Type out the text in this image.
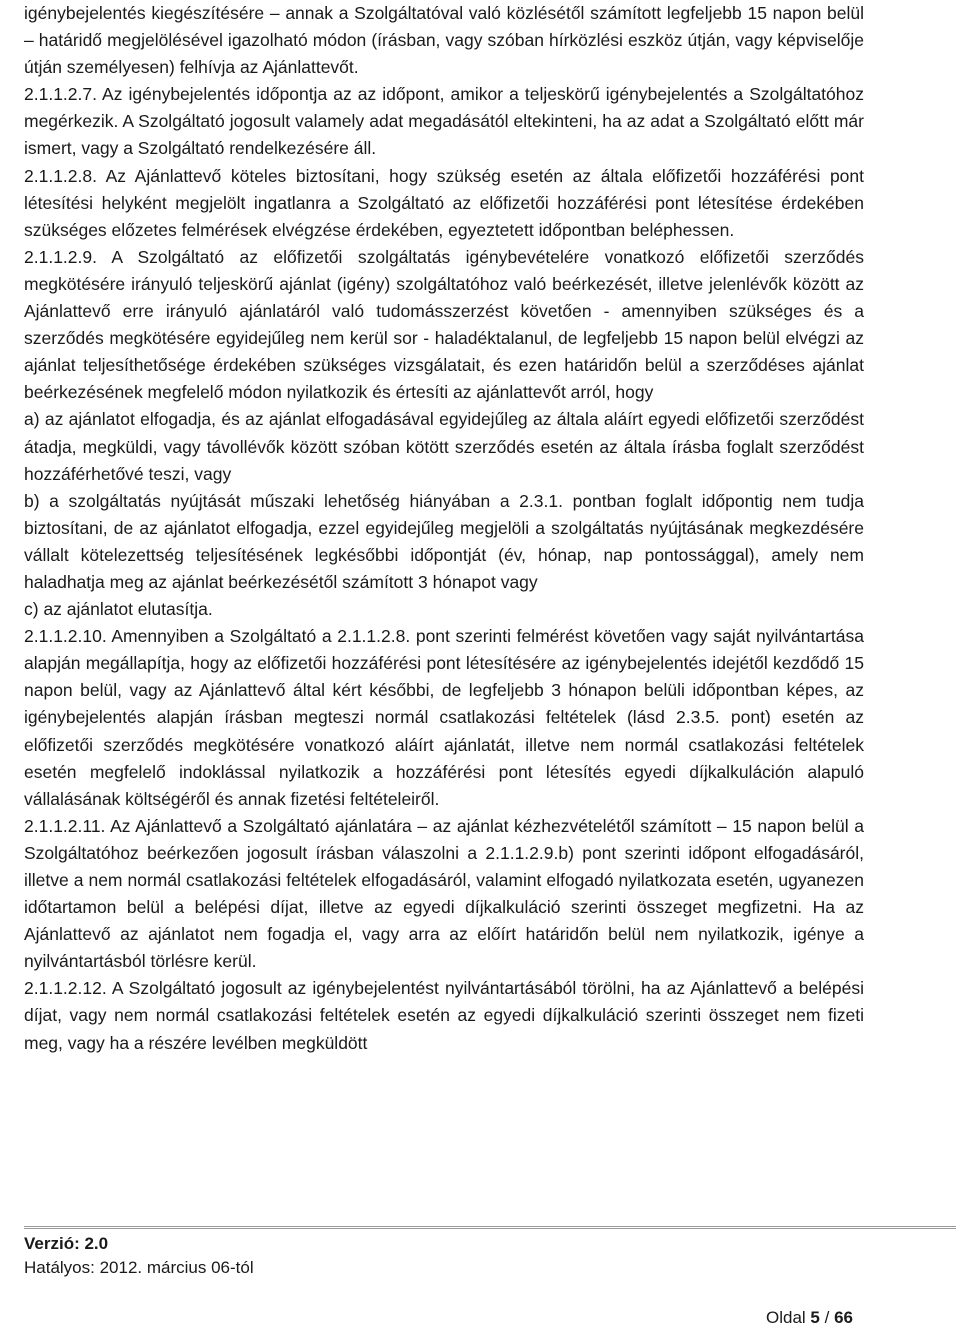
igénybejelentés kiegészítésére – annak a Szolgáltatóval való közlésétől számított legfeljebb 15 napon belül – határidő megjelölésével igazolható módon (írásban, vagy szóban hírközlési eszköz útján, vagy képviselője útján személyesen) felhívja az Ajánlattevőt.

2.1.1.2.7. Az igénybejelentés időpontja az az időpont, amikor a teljeskörű igénybejelentés a Szolgáltatóhoz megérkezik. A Szolgáltató jogosult valamely adat megadásától eltekinteni, ha az adat a Szolgáltató előtt már ismert, vagy a Szolgáltató rendelkezésére áll.

2.1.1.2.8. Az Ajánlattevő köteles biztosítani, hogy szükség esetén az általa előfizetői hozzáférési pont létesítési helyként megjelölt ingatlanra a Szolgáltató az előfizetői hozzáférési pont létesítése érdekében szükséges előzetes felmérések elvégzése érdekében, egyeztetett időpontban beléphessen.

2.1.1.2.9. A Szolgáltató az előfizetői szolgáltatás igénybevételére vonatkozó előfizetői szerződés megkötésére irányuló teljeskörű ajánlat (igény) szolgáltatóhoz való beérkezését, illetve jelenlévők között az Ajánlattevő erre irányuló ajánlatáról való tudomásszerzést követően - amennyiben szükséges és a szerződés megkötésére egyidejűleg nem kerül sor - haladéktalanul, de legfeljebb 15 napon belül elvégzi az ajánlat teljesíthetősége érdekében szükséges vizsgálatait, és ezen határidőn belül a szerződéses ajánlat beérkezésének megfelelő módon nyilatkozik és értesíti az ajánlattevőt arról, hogy

a) az ajánlatot elfogadja, és az ajánlat elfogadásával egyidejűleg az általa aláírt egyedi előfizetői szerződést átadja, megküldi, vagy távollévők között szóban kötött szerződés esetén az általa írásba foglalt szerződést hozzáférhetővé teszi, vagy

b) a szolgáltatás nyújtását műszaki lehetőség hiányában a 2.3.1. pontban foglalt időpontig nem tudja biztosítani, de az ajánlatot elfogadja, ezzel egyidejűleg megjelöli a szolgáltatás nyújtásának megkezdésére vállalt kötelezettség teljesítésének legkésőbbi időpontját (év, hónap, nap pontossággal), amely nem haladhatja meg az ajánlat beérkezésétől számított 3 hónapot vagy

c) az ajánlatot elutasítja.

2.1.1.2.10. Amennyiben a Szolgáltató a 2.1.1.2.8. pont szerinti felmérést követően vagy saját nyilvántartása alapján megállapítja, hogy az előfizetői hozzáférési pont létesítésére az igénybejelentés idejétől kezdődő 15 napon belül, vagy az Ajánlattevő által kért későbbi, de legfeljebb 3 hónapon belüli időpontban képes, az igénybejelentés alapján írásban megteszi normál csatlakozási feltételek (lásd 2.3.5. pont) esetén az előfizetői szerződés megkötésére vonatkozó aláírt ajánlatát, illetve nem normál csatlakozási feltételek esetén megfelelő indoklással nyilatkozik a hozzáférési pont létesítés egyedi díjkalkuláción alapuló vállalásának költségéről és annak fizetési feltételeiről.

2.1.1.2.11. Az Ajánlattevő a Szolgáltató ajánlatára – az ajánlat kézhezvételétől számított – 15 napon belül a Szolgáltatóhoz beérkezően jogosult írásban válaszolni a 2.1.1.2.9.b) pont szerinti időpont elfogadásáról, illetve a nem normál csatlakozási feltételek elfogadásáról, valamint elfogadó nyilatkozata esetén, ugyanezen időtartamon belül a belépési díjat, illetve az egyedi díjkalkuláció szerinti összeget megfizetni. Ha az Ajánlattevő az ajánlatot nem fogadja el, vagy arra az előírt határidőn belül nem nyilatkozik, igénye a nyilvántartásból törlésre kerül.

2.1.1.2.12. A Szolgáltató jogosult az igénybejelentést nyilvántartásából törölni, ha az Ajánlattevő a belépési díjat, vagy nem normál csatlakozási feltételek esetén az egyedi díjkalkuláció szerinti összeget nem fizeti meg, vagy ha a részére levélben megküldött

Verzió: 2.0
Hatályos: 2012. március 06-tól
Oldal 5 / 66
